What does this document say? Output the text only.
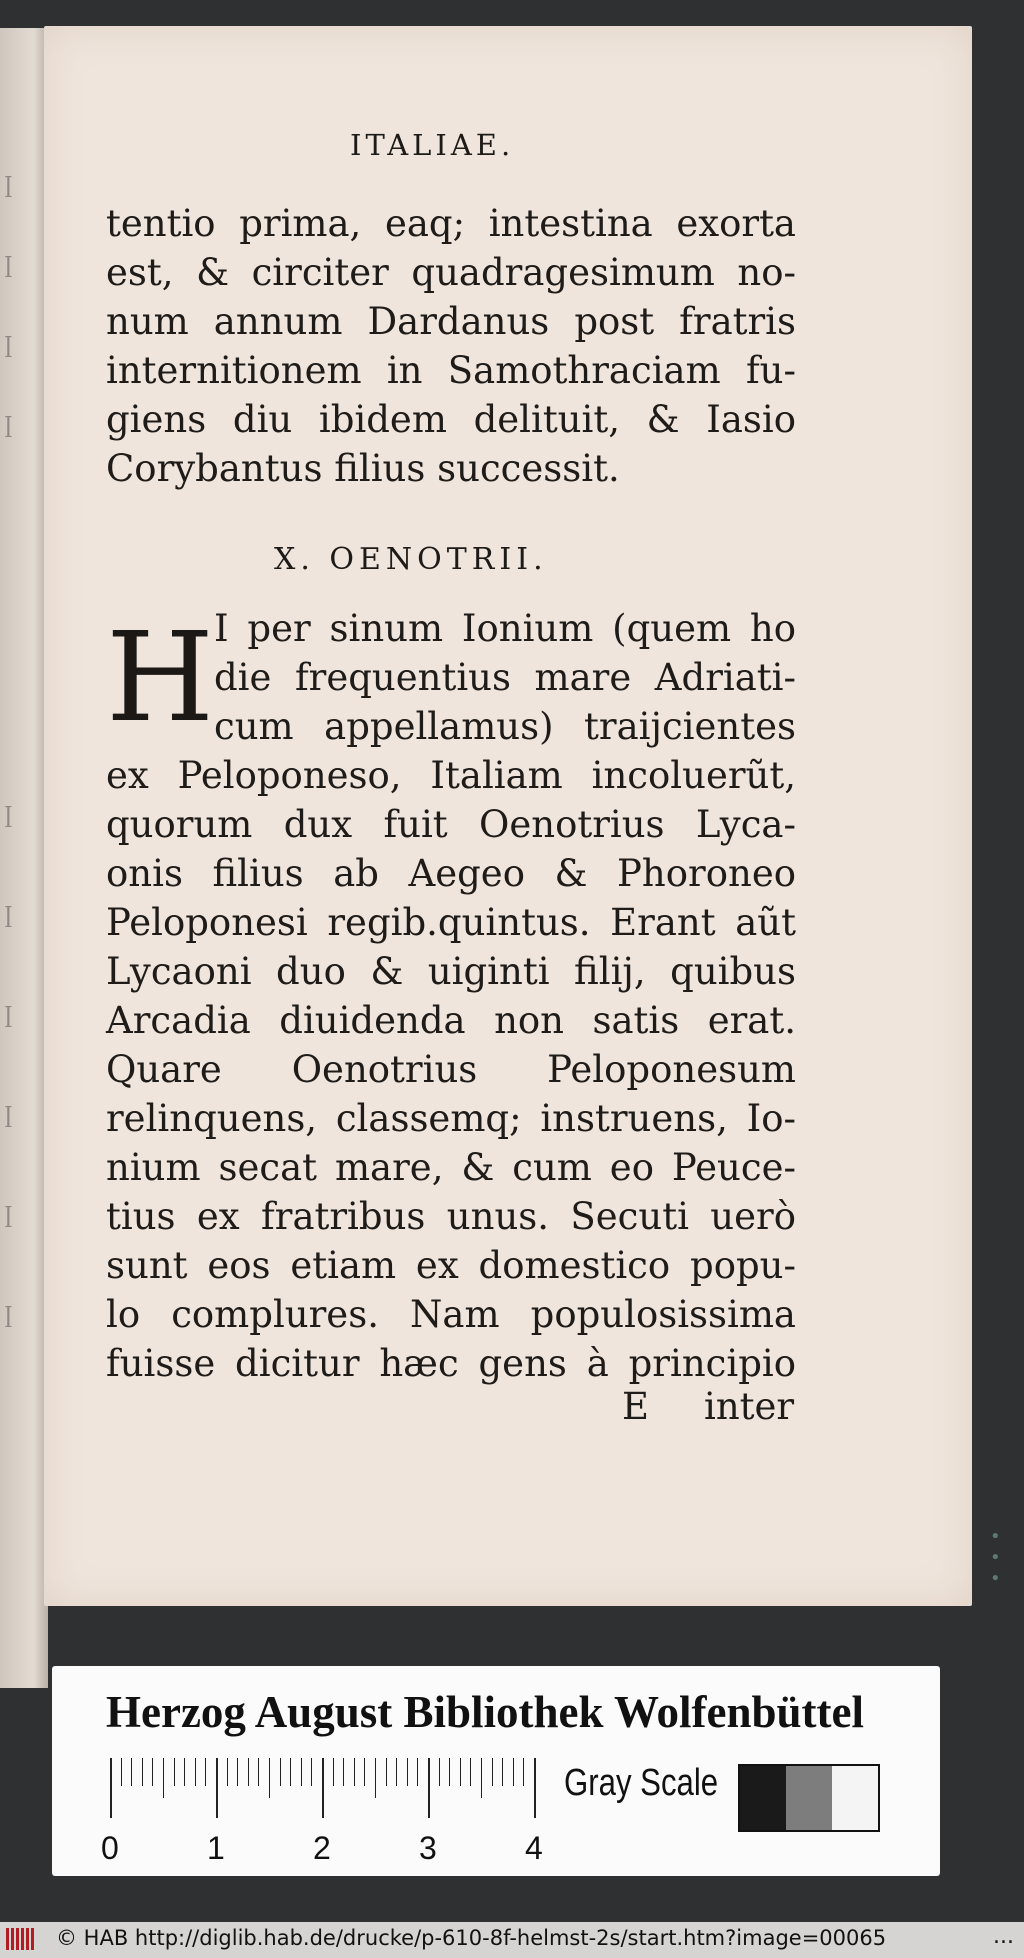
ꟾ
ꟾ
ꟾ
ꟾ
ꟾ
ꟾ
ꟾ
ꟾ
ꟾ
ꟾ
ITALIAE.
tentio prima, eaq; intestina exorta
est, & circiter quadragesimum no-
num annum Dardanus post fratris
internitionem in Samothraciam fu-
giens diu ibidem delituit, & Iasio
Corybantus filius successit.
X. OENOTRII.
H I per sinum Ionium (quem ho
die frequentius mare Adriati-
cum appellamus) traijcientes
ex Peloponeso, Italiam incoluerũt,
quorum dux fuit Oenotrius Lyca-
onis filius ab Aegeo & Phoroneo
Peloponesi regib.quintus. Erant aũt
Lycaoni duo & uiginti filij, quibus
Arcadia diuidenda non satis erat.
Quare Oenotrius Peloponesum
relinquens, classemq; instruens, Io-
nium secat mare, & cum eo Peuce-
tius ex fratribus unus. Secuti uerò
sunt eos etiam ex domestico popu-
lo complures. Nam populosissima
fuisse dicitur hæc gens à principio
E inter
• • •
Herzog August Bibliothek Wolfenbüttel
0	1	2	3	4
Gray Scale
© HAB http://diglib.hab.de/drucke/p-610-8f-helmst-2s/start.htm?image=00065	...
